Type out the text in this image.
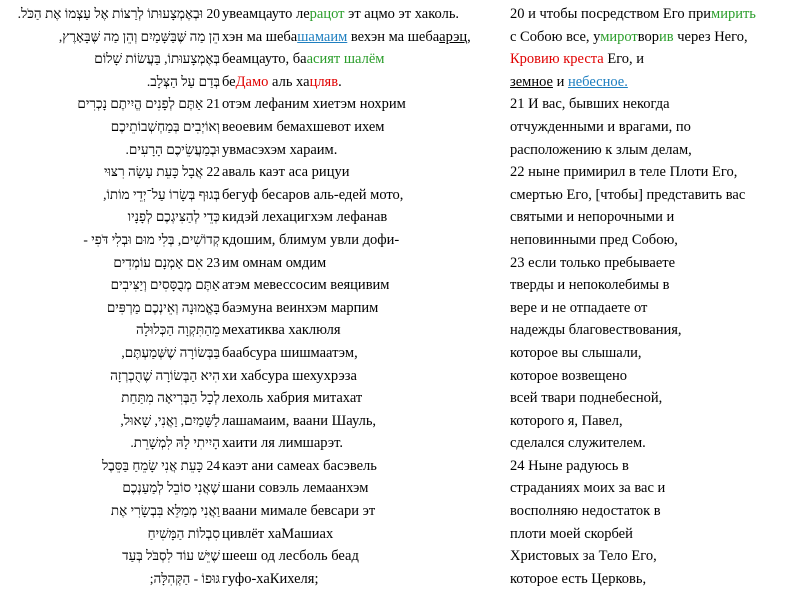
20 וּבְאֶמְצָעוּתוֹ לְרַצּוֹת אֶל עַצְמוֹ אֶת הַכֹּל.
הֵן מַה שֶּׁבַּשָּׁמַיִם וְהֵן מַה שֶּׁבָּאָרֶץ,
בְּאֶמְצָעוּתוֹ, בַּעֲשׂוֹת שָׁלוֹם
בְּדַם עַל הַצְּלָב.
21 אַתֶּם לְפָנִים הֱיִיתֶם נָכְרִים
וְאוֹיְבִים בְּמַחְשְׁבוֹתֵיכֶם
וּבְמַעֲשֵׂיכֶם הָרָעִים.
22 אֲבָל כָּעֵת עָשָׂה רִצּוּי
בְּגוּף בְּשָׂרוֹ עַל־יְדֵי מוֹתוֹ,
כְּדֵי לְהַצִּיגְכֶם לְפָנָיו
קְדוֹשִׁים, בְּלִי מוּם וּבְלִי דֹּפִי -
23 אִם אָמְנָם עוֹמְדִים
אַתֶּם מְבֻסָּסִים וְיַצִּיבִים
בָּאֱמוּנָה וְאֵינְכֶם מַרְפִּים
מֵהַתִּקְוָה הַכְּלוּלָה
בַּבְּשׂוֹרָה שֶׁשְּׁמַעְתֶּם,
הִיא הַבְּשׂוֹרָה שֶׁהֻכְרְזָה
לְכָל הַבְּרִיאָה מִתַּחַת
לַשָּׁמַיִם, וַאֲנִי, שָׁאוּל,
הָיִיתִי לָהּ לִמְשָׁרֵת.
24 כָּעֵת אֲנִי שָׂמֵחַ בַּסֵּבֶל
שֶׁאֲנִי סוֹבֵל לְמַעַנְכֶם
וַאֲנִי מְמַלֵּא בִּבְשָׂרִי אֶת
סִבְלוֹת הַמָּשִׁיחַ
שֶׁיֵּשׁ עוֹד לִסְבֹּל בְּעַד
גּוּפוֹ - הַקְּהִלָּה;
увеамцауто лерацот эт ацмо эт хаколь.
хэн ма шебашамаим вехэн ма шебаарэц,
беамцауто, баасият шалём
беДамо аль хацляв.
отэм лефаним хиетэм нохрим
веоевим бемахшевот ихем
увмасэхэм хараим.
аваль каэт аса рицуи
бегуф бесаров аль-едей мото,
кидэй лехацигхэм лефанав
кдошим, блимум увли дофи-
им омнам омдим
атэм мевессосим веяцивим
баэмуна веинхэм марпим
мехатиква хаклюля
баабсура шишмаатэм,
хи хабсура шехухрэза
лехоль хабрия митахат
лашамаим, ваани Шауль,
хаити ля лимшарэт.
каэт ани самеах басэвель
шани совэль лемаанхэм
ваани мимале бевсари эт
цивлёт хаМашиах
шееш од лесболь беад
гуфо-хаКихеля;
20 и чтобы посредством Его примирить
с Собою все, умиротворив через Него,
Кровию креста Его, и
земное и небесное.
21 И вас, бывших некогда
отчужденными и врагами, по
расположению к злым делам,
22 ныне примирил в теле Плоти Его,
смертью Его, [чтобы] представить вас
святыми и непорочными и
неповинными пред Собою,
23 если только пребываете
тверды и непоколебимы в
вере и не отпадаете от
надежды благовествования,
которое вы слышали,
которое возвещено
всей твари поднебесной,
которого я, Павел,
сделался служителем.
24 Ныне радуюсь в
страданиях моих за вас и
восполняю недостаток в
плоти моей скорбей
Христовых за Тело Его,
которое есть Церковь,
